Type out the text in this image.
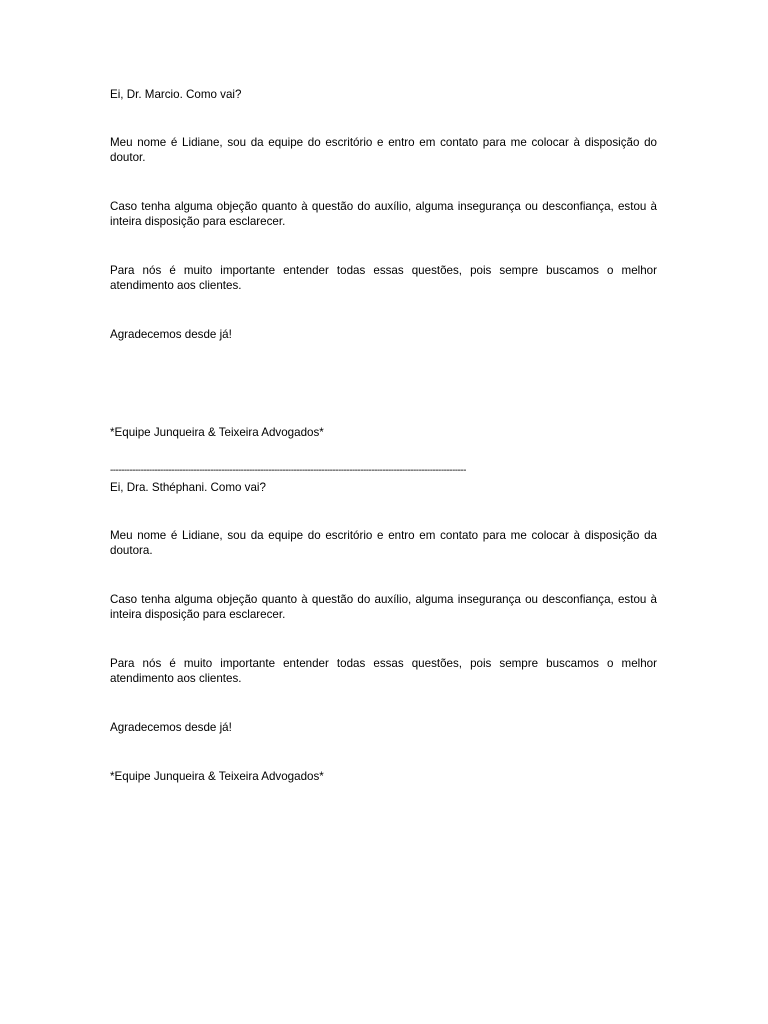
Ei, Dr. Marcio. Como vai?

Meu nome é Lidiane, sou da equipe do escritório e entro em contato para me colocar à disposição do doutor.

Caso tenha alguma objeção quanto à questão do auxílio, alguma insegurança ou desconfiança, estou à inteira disposição para esclarecer.

Para nós é muito importante entender todas essas questões, pois sempre buscamos o melhor atendimento aos clientes.

Agradecemos desde já!

*Equipe Junqueira & Teixeira Advogados*

--------------------------------------------------------------------------------------------------------------------------------

Ei, Dra. Sthéphani. Como vai?

Meu nome é Lidiane, sou da equipe do escritório e entro em contato para me colocar à disposição da doutora.

Caso tenha alguma objeção quanto à questão do auxílio, alguma insegurança ou desconfiança, estou à inteira disposição para esclarecer.

Para nós é muito importante entender todas essas questões, pois sempre buscamos o melhor atendimento aos clientes.

Agradecemos desde já!

*Equipe Junqueira & Teixeira Advogados*
